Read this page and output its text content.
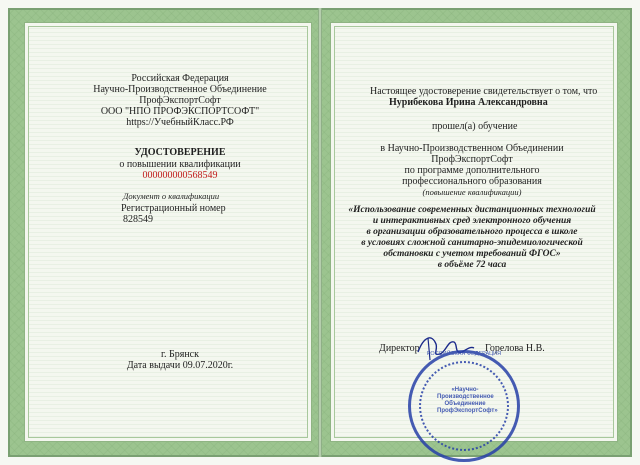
Российская Федерация
Научно-Производственное Объединение
ПрофЭкспортСофт
ООО "НПО ПРОФЭКСПОРТСОФТ"
https://УчебныйКласс.РФ
УДОСТОВЕРЕНИЕ
о повышении квалификации
000000000568549
Документ о квалификации
Регистрационный номер
828549
г. Брянск
Дата выдачи 09.07.2020г.
Настоящее удостоверение свидетельствует о том, что
Нурибекова Ирина Александровна
прошел(а) обучение
в Научно-Производственном Объединении
ПрофЭкспортСофт
по программе дополнительного
профессионального образования
(повышение квалификации)
«Использование современных дистанционных технологий
и интерактивных сред электронного обучения
в организации образовательного процесса в школе
в условиях сложной санитарно-эпидемиологической
обстановки с учетом требований ФГОС»
в объёме 72 часа
Директор	Горелова Н.В.
РОССИЙСКАЯ ФЕДЕРАЦИЯ
«Научно-
Производственное
Объединение
ПрофЭкспортСофт»
